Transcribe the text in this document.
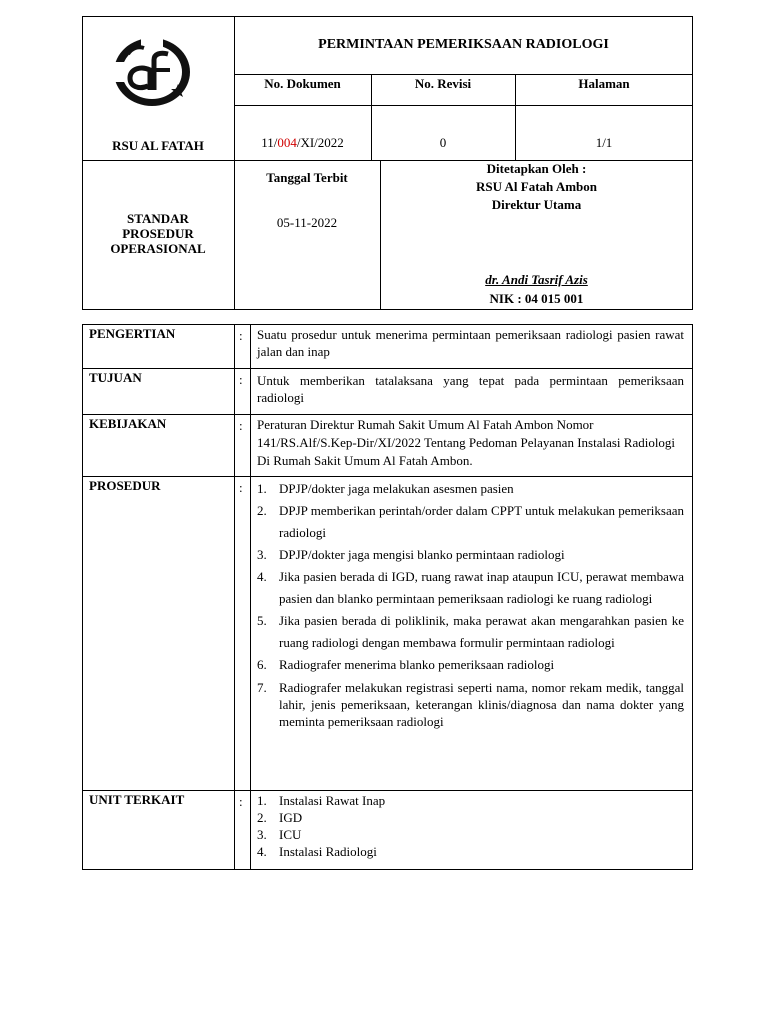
RSU AL FATAH
PERMINTAAN PEMERIKSAAN RADIOLOGI
No. Dokumen	No. Revisi	Halaman
11/004/XI/2022	0	1/1
STANDAR
PROSEDUR
OPERASIONAL
Tanggal Terbit
05-11-2022
Ditetapkan Oleh :
RSU Al Fatah Ambon
Direktur Utama
dr. Andi Tasrif Azis
NIK : 04 015 001
PENGERTIAN	: Suatu prosedur untuk menerima permintaan pemeriksaan radiologi pasien rawat jalan dan inap
TUJUAN	: Untuk memberikan tatalaksana yang tepat pada permintaan pemeriksaan radiologi
KEBIJAKAN	: Peraturan Direktur Rumah Sakit Umum Al Fatah Ambon Nomor 141/RS.Alf/S.Kep-Dir/XI/2022 Tentang Pedoman Pelayanan Instalasi Radiologi Di Rumah Sakit Umum Al Fatah Ambon.
PROSEDUR	: 1. DPJP/dokter jaga melakukan asesmen pasien
2. DPJP memberikan perintah/order dalam CPPT untuk melakukan pemeriksaan radiologi
3. DPJP/dokter jaga mengisi blanko permintaan radiologi
4. Jika pasien berada di IGD, ruang rawat inap ataupun ICU, perawat membawa pasien dan blanko permintaan pemeriksaan radiologi ke ruang radiologi
5. Jika pasien berada di poliklinik, maka perawat akan mengarahkan pasien ke ruang radiologi dengan membawa formulir permintaan radiologi
6. Radiografer menerima blanko pemeriksaan radiologi
7. Radiografer melakukan registrasi seperti nama, nomor rekam medik, tanggal lahir, jenis pemeriksaan, keterangan klinis/diagnosa dan nama dokter yang meminta pemeriksaan radiologi
UNIT TERKAIT	: 1. Instalasi Rawat Inap
2. IGD
3. ICU
4. Instalasi Radiologi
